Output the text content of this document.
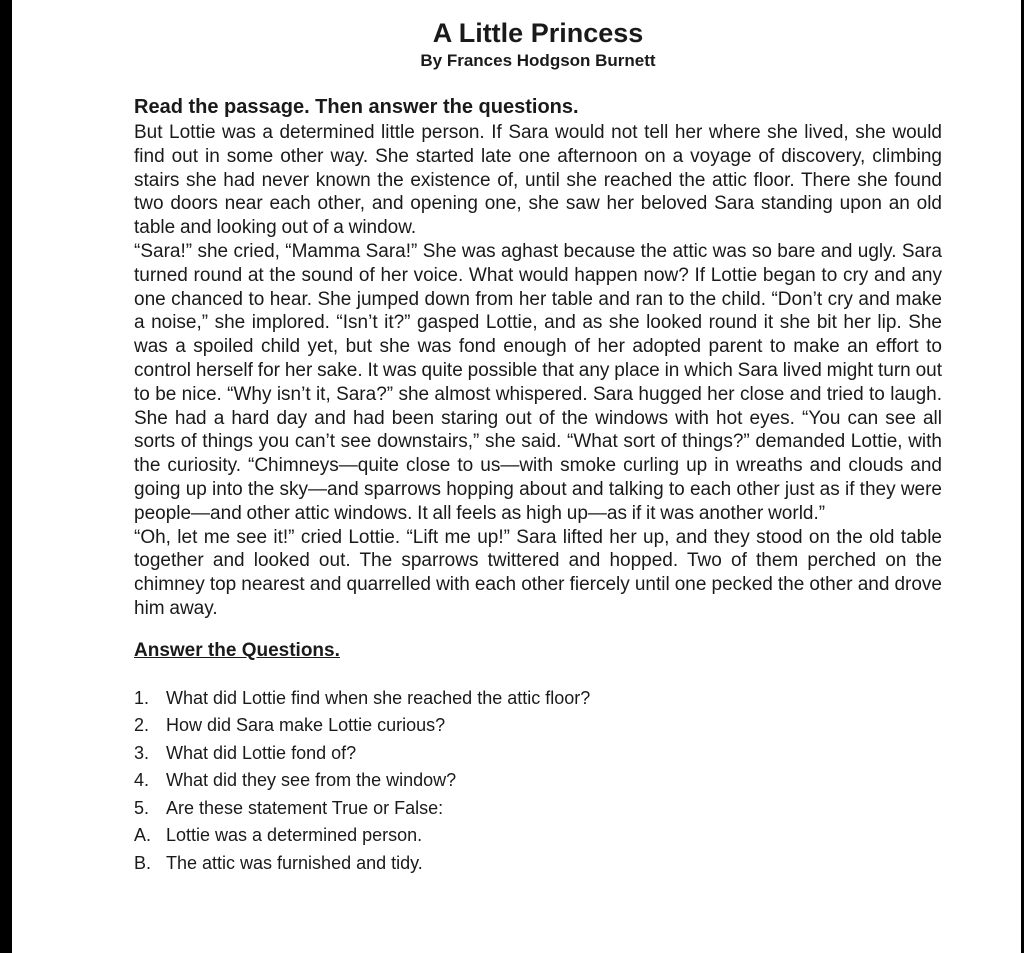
A Little Princess
By Frances Hodgson Burnett
Read the passage. Then answer the questions.

But Lottie was a determined little person. If Sara would not tell her where she lived, she would find out in some other way. She started late one afternoon on a voyage of discovery, climbing stairs she had never known the existence of, until she reached the attic floor. There she found two doors near each other, and opening one, she saw her beloved Sara standing upon an old table and looking out of a window.

“Sara!” she cried, “Mamma Sara!” She was aghast because the attic was so bare and ugly. Sara turned round at the sound of her voice. What would happen now? If Lottie began to cry and any one chanced to hear. She jumped down from her table and ran to the child. “Don’t cry and make a noise,” she implored. “Isn’t it?” gasped Lottie, and as she looked round it she bit her lip. She was a spoiled child yet, but she was fond enough of her adopted parent to make an effort to control herself for her sake. It was quite possible that any place in which Sara lived might turn out to be nice. “Why isn’t it, Sara?” she almost whispered. Sara hugged her close and tried to laugh. She had a hard day and had been staring out of the windows with hot eyes. “You can see all sorts of things you can’t see downstairs,” she said. “What sort of things?” demanded Lottie, with the curiosity. “Chimneys—quite close to us—with smoke curling up in wreaths and clouds and going up into the sky—and sparrows hopping about and talking to each other just as if they were people—and other attic windows. It all feels as high up—as if it was another world.”

“Oh, let me see it!” cried Lottie. “Lift me up!” Sara lifted her up, and they stood on the old table together and looked out. The sparrows twittered and hopped. Two of them perched on the chimney top nearest and quarrelled with each other fiercely until one pecked the other and drove him away.

Answer the Questions.
1. What did Lottie find when she reached the attic floor?
2. How did Sara make Lottie curious?
3. What did Lottie fond of?
4. What did they see from the window?
5. Are these statement True or False:
A. Lottie was a determined person.
B. The attic was furnished and tidy.
